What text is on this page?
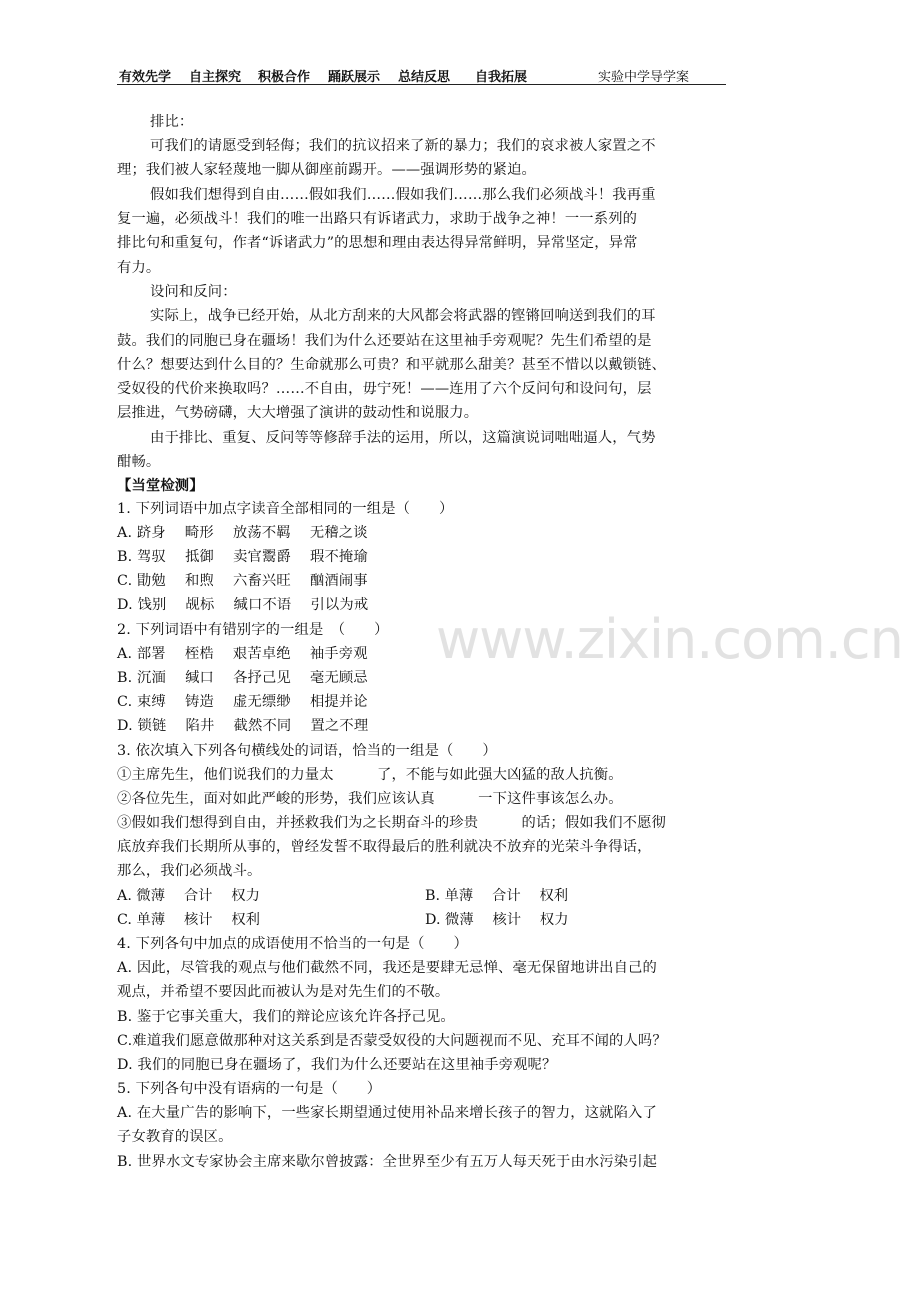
有效先学 自主探究 积极合作 踊跃展示 总结反思 自我拓展	实验中学导学案
www.zixin.com.cn
排比：
可我们的请愿受到轻侮；我们的抗议招来了新的暴力；我们的哀求被人家置之不
理；我们被人家轻蔑地一脚从御座前踢开。——强调形势的紧迫。
假如我们想得到自由……假如我们……假如我们……那么我们必须战斗！我再重
复一遍，必须战斗！我们的唯一出路只有诉诸武力，求助于战争之神！一一系列的
排比句和重复句，作者“诉诸武力”的思想和理由表达得异常鲜明，异常坚定，异常
有力。
设问和反问：
实际上，战争已经开始，从北方刮来的大风都会将武器的铿锵回响送到我们的耳
鼓。我们的同胞已身在疆场！我们为什么还要站在这里袖手旁观呢？先生们希望的是
什么？想要达到什么目的？生命就那么可贵？和平就那么甜美？甚至不惜以以戴锁链、
受奴役的代价来换取吗？……不自由，毋宁死！——连用了六个反问句和设问句，层
层推进，气势磅礴，大大增强了演讲的鼓动性和说服力。
由于排比、重复、反问等等修辞手法的运用，所以，这篇演说词咄咄逼人，气势
酣畅。
【当堂检测】
1. 下列词语中加点字读音全部相同的一组是（　　）
A. 跻身　 畸形　 放荡不羁　 无稽之谈
B. 驾驭　 抵御　 卖官鬻爵　 瑕不掩瑜
C. 勖勉　 和煦　 六畜兴旺　 酗酒闹事
D. 饯别　 觇标　 缄口不语　 引以为戒
2. 下列词语中有错别字的一组是　（　　）
A. 部署　 桎梏　 艰苦卓绝　 袖手旁观
B. 沉湎　 缄口　 各抒己见　 毫无顾忌
C. 束缚　 铸造　 虚无缥缈　 相提并论
D. 锁链　 陷井　 截然不同　 置之不理
3. 依次填入下列各句横线处的词语，恰当的一组是（　　）
①主席先生，他们说我们的力量太　　　了，不能与如此强大凶猛的敌人抗衡。
②各位先生，面对如此严峻的形势，我们应该认真　　　一下这件事该怎么办。
③假如我们想得到自由，并拯救我们为之长期奋斗的珍贵　　　的话；假如我们不愿彻
底放弃我们长期所从事的，曾经发誓不取得最后的胜利就决不放弃的光荣斗争得话，
那么，我们必须战斗。
A. 微薄　 合计　 权力	B. 单薄　 合计　 权利
C. 单薄　 核计　 权利	D. 微薄　 核计　 权力
4. 下列各句中加点的成语使用不恰当的一句是（　　）
A. 因此，尽管我的观点与他们截然不同，我还是要肆无忌惮、毫无保留地讲出自己的
观点，并希望不要因此而被认为是对先生们的不敬。
B. 鉴于它事关重大，我们的辩论应该允许各抒己见。
C.难道我们愿意做那种对这关系到是否蒙受奴役的大问题视而不见、充耳不闻的人吗？
D. 我们的同胞已身在疆场了，我们为什么还要站在这里袖手旁观呢？
5. 下列各句中没有语病的一句是（　　）
A. 在大量广告的影响下，一些家长期望通过使用补品来增长孩子的智力，这就陷入了
子女教育的误区。
B. 世界水文专家协会主席来歇尔曾披露：全世界至少有五万人每天死于由水污染引起
